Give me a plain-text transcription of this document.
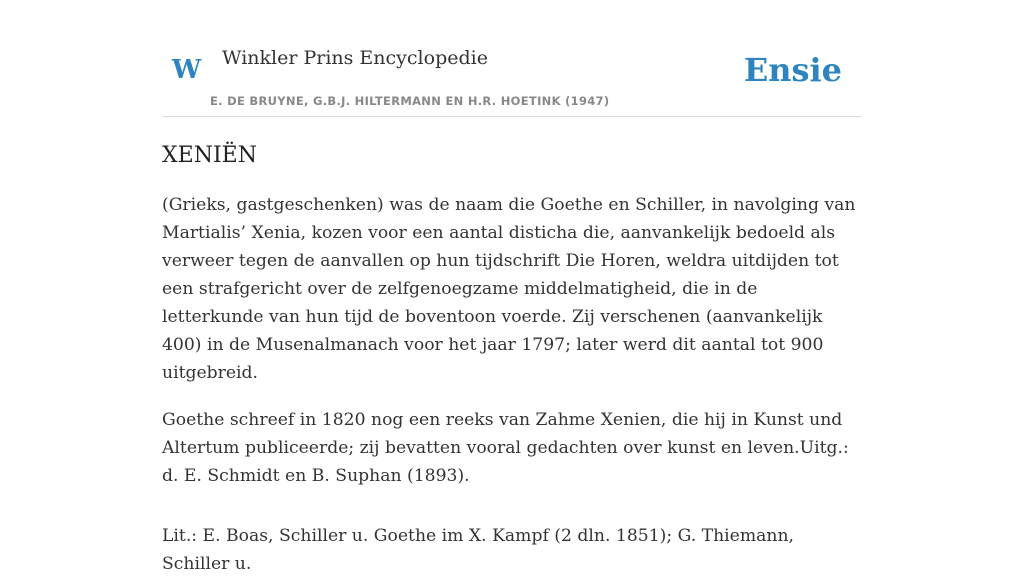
W Winkler Prins Encyclopedie
E. DE BRUYNE, G.B.J. HILTERMANN EN H.R. HOETINK (1947)
Ensie
XENIËN

(Grieks, gastgeschenken) was de naam die Goethe en Schiller, in navolging van Martialis’ Xenia, kozen voor een aantal disticha die, aanvankelijk bedoeld als verweer tegen de aanvallen op hun tijdschrift Die Horen, weldra uitdijden tot een strafgericht over de zelfgenoegzame middelmatigheid, die in de letterkunde van hun tijd de boventoon voerde. Zij verschenen (aanvankelijk 400) in de Musenalmanach voor het jaar 1797; later werd dit aantal tot 900 uitgebreid.

Goethe schreef in 1820 nog een reeks van Zahme Xenien, die hij in Kunst und Altertum publiceerde; zij bevatten vooral gedachten over kunst en leven.Uitg.: d. E. Schmidt en B. Suphan (1893).

Lit.: E. Boas, Schiller u. Goethe im X. Kampf (2 dln. 1851); G. Thiemann, Schiller u.
